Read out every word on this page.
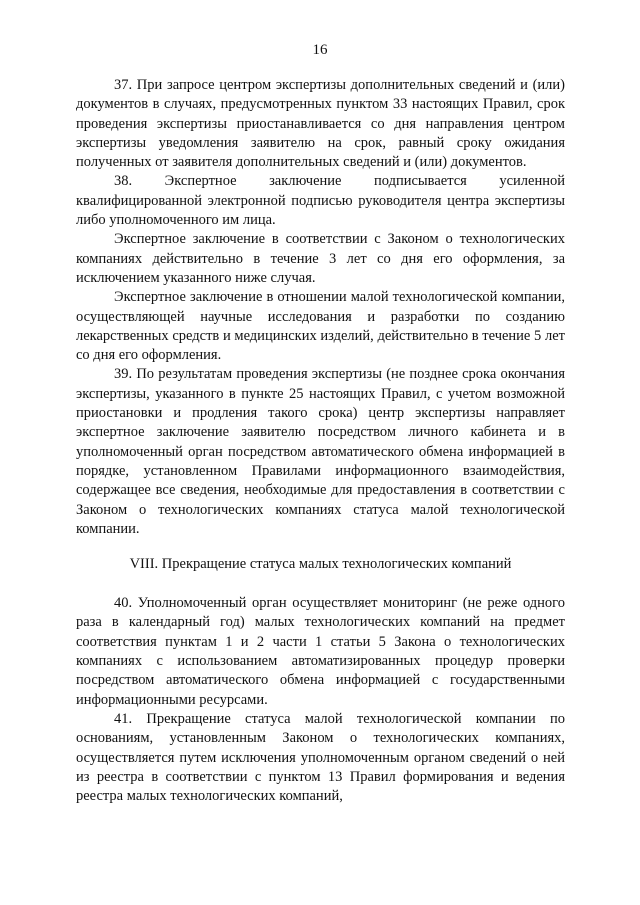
16

37. При запросе центром экспертизы дополнительных сведений и (или) документов в случаях, предусмотренных пунктом 33 настоящих Правил, срок проведения экспертизы приостанавливается со дня направления центром экспертизы уведомления заявителю на срок, равный сроку ожидания полученных от заявителя дополнительных сведений и (или) документов.

38. Экспертное заключение подписывается усиленной квалифицированной электронной подписью руководителя центра экспертизы либо уполномоченного им лица.

Экспертное заключение в соответствии с Законом о технологических компаниях действительно в течение 3 лет со дня его оформления, за исключением указанного ниже случая.

Экспертное заключение в отношении малой технологической компании, осуществляющей научные исследования и разработки по созданию лекарственных средств и медицинских изделий, действительно в течение 5 лет со дня его оформления.

39. По результатам проведения экспертизы (не позднее срока окончания экспертизы, указанного в пункте 25 настоящих Правил, с учетом возможной приостановки и продления такого срока) центр экспертизы направляет экспертное заключение заявителю посредством личного кабинета и в уполномоченный орган посредством автоматического обмена информацией в порядке, установленном Правилами информационного взаимодействия, содержащее все сведения, необходимые для предоставления в соответствии с Законом о технологических компаниях статуса малой технологической компании.

VIII. Прекращение статуса малых технологических компаний

40. Уполномоченный орган осуществляет мониторинг (не реже одного раза в календарный год) малых технологических компаний на предмет соответствия пунктам 1 и 2 части 1 статьи 5 Закона о технологических компаниях с использованием автоматизированных процедур проверки посредством автоматического обмена информацией с государственными информационными ресурсами.

41. Прекращение статуса малой технологической компании по основаниям, установленным Законом о технологических компаниях, осуществляется путем исключения уполномоченным органом сведений о ней из реестра в соответствии с пунктом 13 Правил формирования и ведения реестра малых технологических компаний,
